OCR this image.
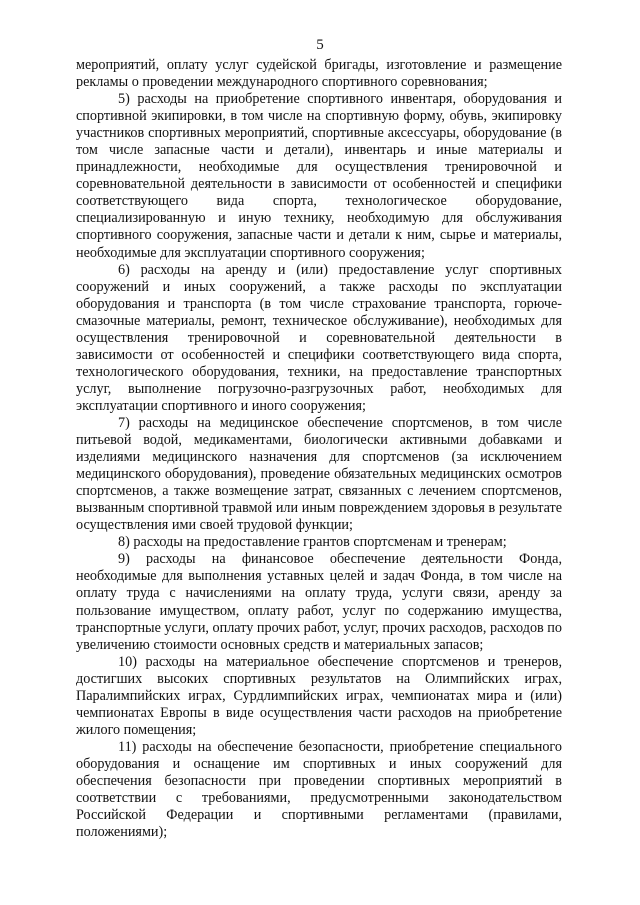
5

мероприятий, оплату услуг судейской бригады, изготовление и размещение рекламы о проведении международного спортивного соревнования;

5) расходы на приобретение спортивного инвентаря, оборудования и спортивной экипировки, в том числе на спортивную форму, обувь, экипировку участников спортивных мероприятий, спортивные аксессуары, оборудование (в том числе запасные части и детали), инвентарь и иные материалы и принадлежности, необходимые для осуществления тренировочной и соревновательной деятельности в зависимости от особенностей и специфики соответствующего вида спорта, технологическое оборудование, специализированную и иную технику, необходимую для обслуживания спортивного сооружения, запасные части и детали к ним, сырье и материалы, необходимые для эксплуатации спортивного сооружения;

6) расходы на аренду и (или) предоставление услуг спортивных сооружений и иных сооружений, а также расходы по эксплуатации оборудования и транспорта (в том числе страхование транспорта, горюче-смазочные материалы, ремонт, техническое обслуживание), необходимых для осуществления тренировочной и соревновательной деятельности в зависимости от особенностей и специфики соответствующего вида спорта, технологического оборудования, техники, на предоставление транспортных услуг, выполнение погрузочно-разгрузочных работ, необходимых для эксплуатации спортивного и иного сооружения;

7) расходы на медицинское обеспечение спортсменов, в том числе питьевой водой, медикаментами, биологически активными добавками и изделиями медицинского назначения для спортсменов (за исключением медицинского оборудования), проведение обязательных медицинских осмотров спортсменов, а также возмещение затрат, связанных с лечением спортсменов, вызванным спортивной травмой или иным повреждением здоровья в результате осуществления ими своей трудовой функции;

8) расходы на предоставление грантов спортсменам и тренерам;

9) расходы на финансовое обеспечение деятельности Фонда, необходимые для выполнения уставных целей и задач Фонда, в том числе на оплату труда с начислениями на оплату труда, услуги связи, аренду за пользование имуществом, оплату работ, услуг по содержанию имущества, транспортные услуги, оплату прочих работ, услуг, прочих расходов, расходов по увеличению стоимости основных средств и материальных запасов;

10) расходы на материальное обеспечение спортсменов и тренеров, достигших высоких спортивных результатов на Олимпийских играх, Паралимпийских играх, Сурдлимпийских играх, чемпионатах мира и (или) чемпионатах Европы в виде осуществления части расходов на приобретение жилого помещения;

11) расходы на обеспечение безопасности, приобретение специального оборудования и оснащение им спортивных и иных сооружений для обеспечения безопасности при проведении спортивных мероприятий в соответствии с требованиями, предусмотренными законодательством Российской Федерации и спортивными регламентами (правилами, положениями);
